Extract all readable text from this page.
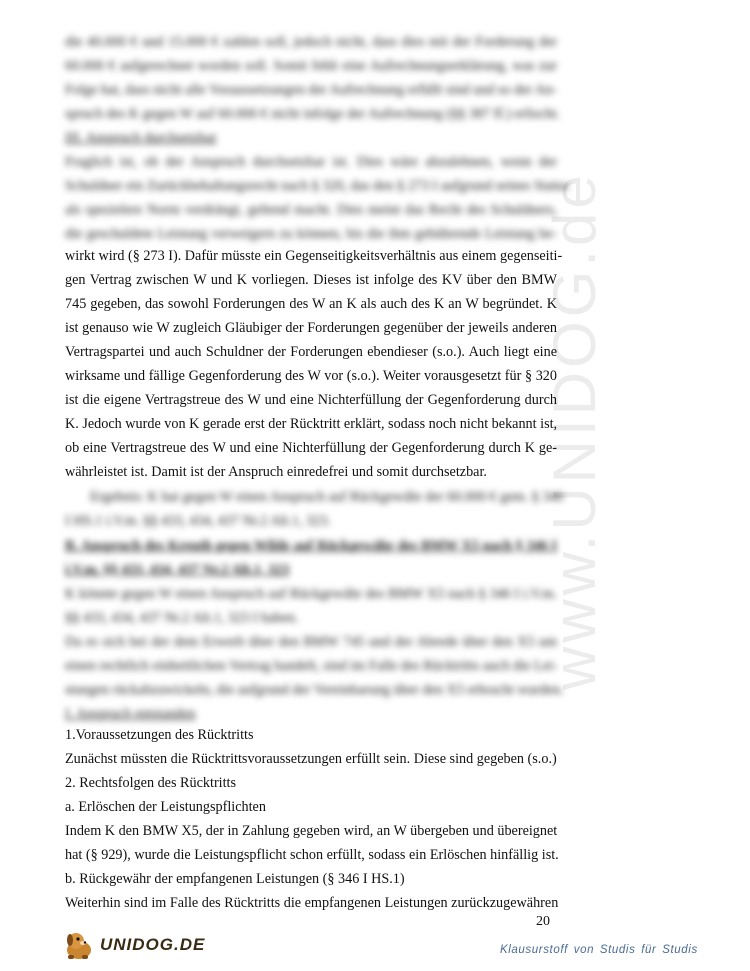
www.UNIDOG.de
die 40.000 € und 15.000 € zahlen soll, jedoch nicht, dass dies mit der Forderung der
60.000 € aufgerechnet worden soll. Somit fehlt eine Aufrechnungserklärung, was zur
Folge hat, dass nicht alle Voraussetzungen der Aufrechnung erfüllt sind und so der An-
spruch des K gegen W auf 60.000 € nicht infolge der Aufrechnung (§§ 387 ff.) erlischt.
III. Anspruch durchsetzbar
Fraglich ist, ob der Anspruch durchsetzbar ist. Dies wäre abzulehnen, wenn der
Schuldner ein Zurückbehaltungsrecht nach § 320, das den § 273 I aufgrund seines Status
als spezielere Norm verdrängt, geltend macht. Dies meint das Recht des Schuldners,
die geschuldete Leistung verweigern zu können, bis die ihm gebührende Leistung be-
wirkt wird (§ 273 I). Dafür müsste ein Gegenseitigkeitsverhältnis aus einem gegenseiti-
gen Vertrag zwischen W und K vorliegen. Dieses ist infolge des KV über den BMW
745 gegeben, das sowohl Forderungen des W an K als auch des K an W begründet. K
ist genauso wie W zugleich Gläubiger der Forderungen gegenüber der jeweils anderen
Vertragspartei und auch Schuldner der Forderungen ebendieser (s.o.). Auch liegt eine
wirksame und fällige Gegenforderung des W vor (s.o.). Weiter vorausgesetzt für § 320
ist die eigene Vertragstreue des W und eine Nichterfüllung der Gegenforderung durch
K. Jedoch wurde von K gerade erst der Rücktritt erklärt, sodass noch nicht bekannt ist,
ob eine Vertragstreue des W und eine Nichterfüllung der Gegenforderung durch K ge-
währleistet ist. Damit ist der Anspruch einredefrei und somit durchsetzbar.
Ergebnis: K hat gegen W einen Anspruch auf Rückgewähr der 60.000 € gem. § 346
I HS.1 i.V.m. §§ 433, 434, 437 Nr.2 Alt.1, 323.
B. Anspruch des Kreuth gegen Wilde auf Rückgewähr des BMW X5 nach § 346 I
i.V.m. §§ 433, 434, 437 Nr.2 Alt.1, 323
K könnte gegen W einen Anspruch auf Rückgewähr des BMW X5 nach § 346 I i.V.m.
§§ 433, 434, 437 Nr.2 Alt.1, 323 I haben.
Da es sich bei der dem Erwerb über den BMW 745 und der Abrede über den X5 um
einen rechtlich einheitlichen Vertrag handelt, sind im Falle des Rücktritts auch die Lei-
stungen rückabzuwickeln, die aufgrund der Vereinbarung über den X5 erbracht wurden.
I. Anspruch entstanden
1.Voraussetzungen des Rücktritts
Zunächst müssten die Rücktrittsvoraussetzungen erfüllt sein. Diese sind gegeben (s.o.)
2. Rechtsfolgen des Rücktritts
a. Erlöschen der Leistungspflichten
Indem K den BMW X5, der in Zahlung gegeben wird, an W übergeben und übereignet
hat (§ 929), wurde die Leistungspflicht schon erfüllt, sodass ein Erlöschen hinfällig ist.
b. Rückgewähr der empfangenen Leistungen (§ 346 I HS.1)
Weiterhin sind im Falle des Rücktritts die empfangenen Leistungen zurückzugewähren
20
UNIDOG.DE	Klausurstoff von Studis für Studis
